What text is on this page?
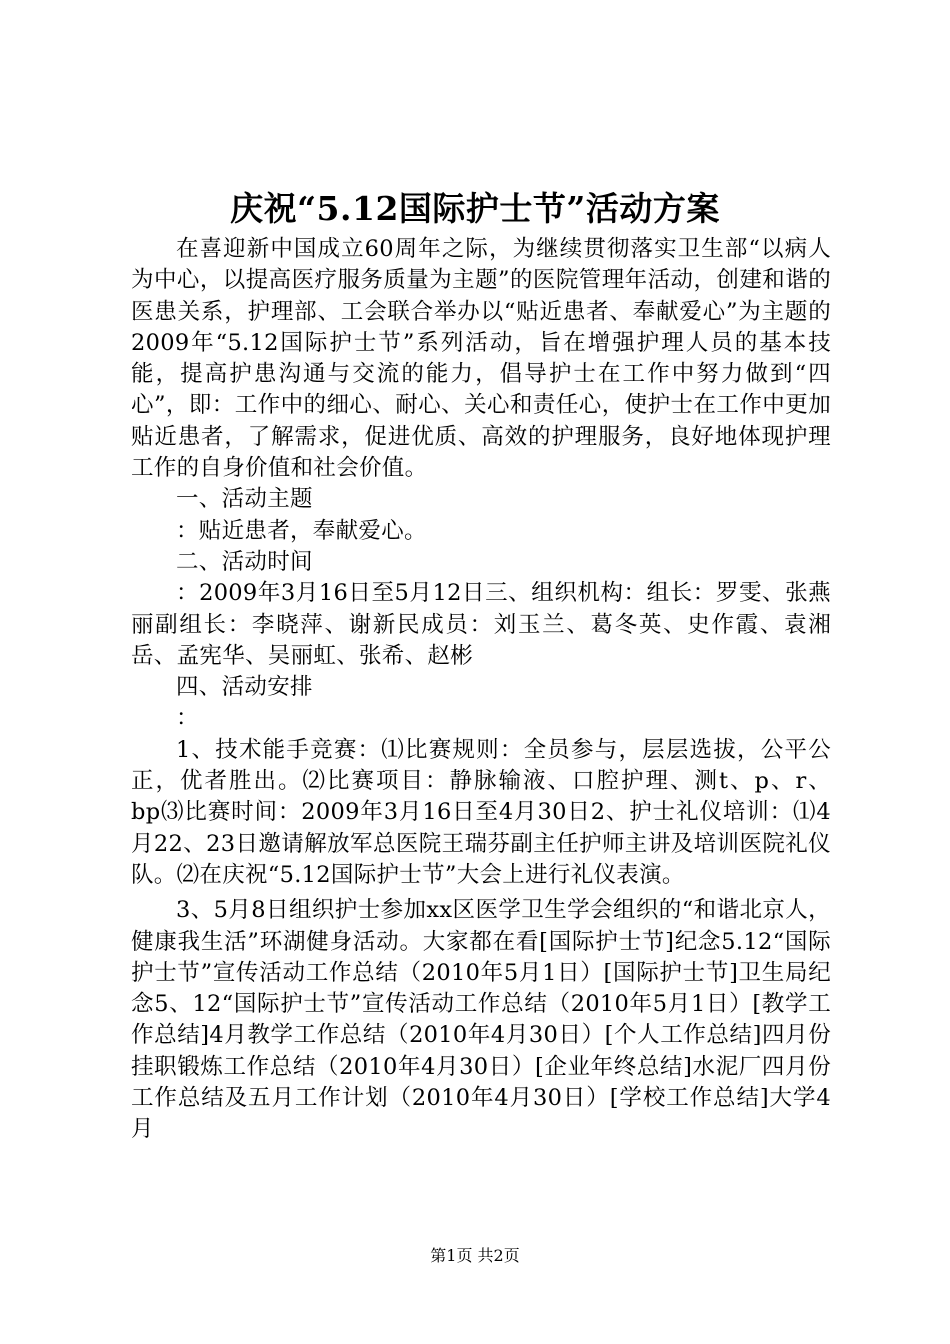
庆祝“5.12国际护士节”活动方案

在喜迎新中国成立60周年之际，为继续贯彻落实卫生部“以病人为中心，以提高医疗服务质量为主题”的医院管理年活动，创建和谐的医患关系，护理部、工会联合举办以“贴近患者、奉献爱心”为主题的2009年“5.12国际护士节”系列活动，旨在增强护理人员的基本技能，提高护患沟通与交流的能力，倡导护士在工作中努力做到“四心”，即：工作中的细心、耐心、关心和责任心，使护士在工作中更加贴近患者，了解需求，促进优质、高效的护理服务，良好地体现护理工作的自身价值和社会价值。

一、活动主题

：贴近患者，奉献爱心。

二、活动时间

：2009年3月16日至5月12日三、组织机构：组长：罗雯、张燕丽副组长：李晓萍、谢新民成员：刘玉兰、葛冬英、史作霞、袁湘岳、孟宪华、吴丽虹、张希、赵彬

四、活动安排

：

1、技术能手竞赛：⑴比赛规则：全员参与，层层选拔，公平公正，优者胜出。⑵比赛项目：静脉输液、口腔护理、测t、p、r、bp⑶比赛时间：2009年3月16日至4月30日2、护士礼仪培训：⑴4月22、23日邀请解放军总医院王瑞芬副主任护师主讲及培训医院礼仪队。⑵在庆祝“5.12国际护士节”大会上进行礼仪表演。

3、5月8日组织护士参加xx区医学卫生学会组织的“和谐北京人，健康我生活”环湖健身活动。大家都在看[国际护士节]纪念5.12“国际护士节”宣传活动工作总结（2010年5月1日）[国际护士节]卫生局纪念5、12“国际护士节”宣传活动工作总结（2010年5月1日）[教学工作总结]4月教学工作总结（2010年4月30日）[个人工作总结]四月份挂职锻炼工作总结（2010年4月30日）[企业年终总结]水泥厂四月份工作总结及五月工作计划（2010年4月30日）[学校工作总结]大学4月

第1页 共2页
